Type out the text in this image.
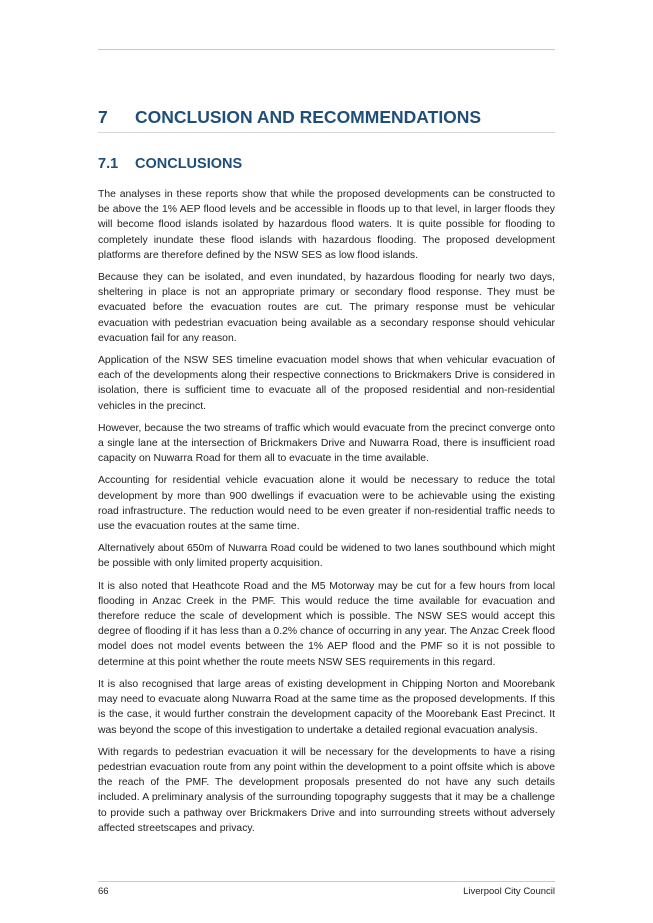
7 CONCLUSION AND RECOMMENDATIONS
7.1 CONCLUSIONS

The analyses in these reports show that while the proposed developments can be constructed to be above the 1% AEP flood levels and be accessible in floods up to that level, in larger floods they will become flood islands isolated by hazardous flood waters. It is quite possible for flooding to completely inundate these flood islands with hazardous flooding. The proposed development platforms are therefore defined by the NSW SES as low flood islands.

Because they can be isolated, and even inundated, by hazardous flooding for nearly two days, sheltering in place is not an appropriate primary or secondary flood response. They must be evacuated before the evacuation routes are cut. The primary response must be vehicular evacuation with pedestrian evacuation being available as a secondary response should vehicular evacuation fail for any reason.

Application of the NSW SES timeline evacuation model shows that when vehicular evacuation of each of the developments along their respective connections to Brickmakers Drive is considered in isolation, there is sufficient time to evacuate all of the proposed residential and non-residential vehicles in the precinct.

However, because the two streams of traffic which would evacuate from the precinct converge onto a single lane at the intersection of Brickmakers Drive and Nuwarra Road, there is insufficient road capacity on Nuwarra Road for them all to evacuate in the time available.

Accounting for residential vehicle evacuation alone it would be necessary to reduce the total development by more than 900 dwellings if evacuation were to be achievable using the existing road infrastructure. The reduction would need to be even greater if non-residential traffic needs to use the evacuation routes at the same time.

Alternatively about 650m of Nuwarra Road could be widened to two lanes southbound which might be possible with only limited property acquisition.

It is also noted that Heathcote Road and the M5 Motorway may be cut for a few hours from local flooding in Anzac Creek in the PMF. This would reduce the time available for evacuation and therefore reduce the scale of development which is possible. The NSW SES would accept this degree of flooding if it has less than a 0.2% chance of occurring in any year. The Anzac Creek flood model does not model events between the 1% AEP flood and the PMF so it is not possible to determine at this point whether the route meets NSW SES requirements in this regard.

It is also recognised that large areas of existing development in Chipping Norton and Moorebank may need to evacuate along Nuwarra Road at the same time as the proposed developments. If this is the case, it would further constrain the development capacity of the Moorebank East Precinct. It was beyond the scope of this investigation to undertake a detailed regional evacuation analysis.

With regards to pedestrian evacuation it will be necessary for the developments to have a rising pedestrian evacuation route from any point within the development to a point offsite which is above the reach of the PMF. The development proposals presented do not have any such details included. A preliminary analysis of the surrounding topography suggests that it may be a challenge to provide such a pathway over Brickmakers Drive and into surrounding streets without adversely affected streetscapes and privacy.

66	Liverpool City Council
